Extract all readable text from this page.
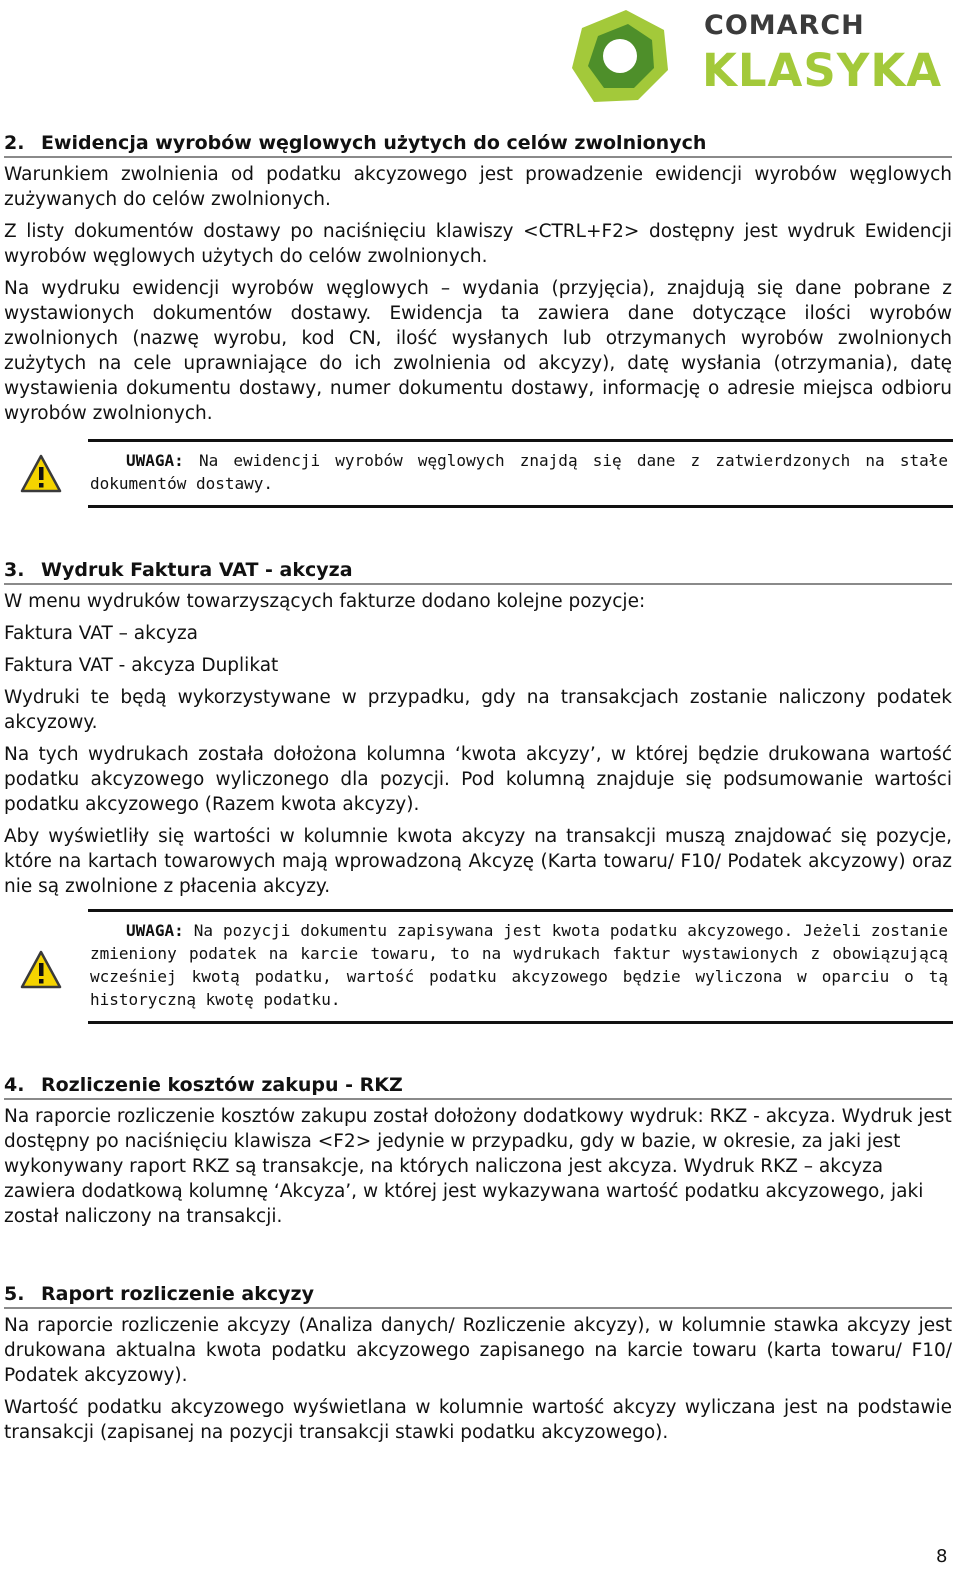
COMARCH
KLASYKA
2. Ewidencja wyrobów węglowych użytych do celów zwolnionych

Warunkiem zwolnienia od podatku akcyzowego jest prowadzenie ewidencji wyrobów węglowych zużywanych do celów zwolnionych.

Z listy dokumentów dostawy po naciśnięciu klawiszy <CTRL+F2> dostępny jest wydruk Ewidencji wyrobów węglowych użytych do celów zwolnionych.

Na wydruku ewidencji wyrobów węglowych – wydania (przyjęcia), znajdują się dane pobrane z wystawionych dokumentów dostawy. Ewidencja ta zawiera dane dotyczące ilości wyrobów zwolnionych (nazwę wyrobu, kod CN, ilość wysłanych lub otrzymanych wyrobów zwolnionych zużytych na cele uprawniające do ich zwolnienia od akcyzy), datę wysłania (otrzymania), datę wystawienia dokumentu dostawy, numer dokumentu dostawy, informację o adresie miejsca odbioru wyrobów zwolnionych.

UWAGA: Na ewidencji wyrobów węglowych znajdą się dane z zatwierdzonych na stałe dokumentów dostawy.
3. Wydruk Faktura VAT - akcyza

W menu wydruków towarzyszących fakturze dodano kolejne pozycje:

Faktura VAT – akcyza

Faktura VAT - akcyza Duplikat

Wydruki te będą wykorzystywane w przypadku, gdy na transakcjach zostanie naliczony podatek akcyzowy.

Na tych wydrukach została dołożona kolumna ‘kwota akcyzy’, w której będzie drukowana wartość podatku akcyzowego wyliczonego dla pozycji. Pod kolumną znajduje się podsumowanie wartości podatku akcyzowego (Razem kwota akcyzy).

Aby wyświetliły się wartości w kolumnie kwota akcyzy na transakcji muszą znajdować się pozycje, które na kartach towarowych mają wprowadzoną Akcyzę (Karta towaru/ F10/ Podatek akcyzowy) oraz nie są zwolnione z płacenia akcyzy.

UWAGA: Na pozycji dokumentu zapisywana jest kwota podatku akcyzowego. Jeżeli zostanie zmieniony podatek na karcie towaru, to na wydrukach faktur wystawionych z obowiązującą wcześniej kwotą podatku, wartość podatku akcyzowego będzie wyliczona w oparciu o tą historyczną kwotę podatku.
4. Rozliczenie kosztów zakupu - RKZ

Na raporcie rozliczenie kosztów zakupu został dołożony dodatkowy wydruk: RKZ - akcyza. Wydruk jest dostępny po naciśnięciu klawisza <F2> jedynie w przypadku, gdy w bazie, w okresie, za jaki jest wykonywany raport RKZ są transakcje, na których naliczona jest akcyza. Wydruk RKZ – akcyza zawiera dodatkową kolumnę ‘Akcyza’, w której jest wykazywana wartość podatku akcyzowego, jaki został naliczony na transakcji.

5. Raport rozliczenie akcyzy

Na raporcie rozliczenie akcyzy (Analiza danych/ Rozliczenie akcyzy), w kolumnie stawka akcyzy jest drukowana aktualna kwota podatku akcyzowego zapisanego na karcie towaru (karta towaru/ F10/ Podatek akcyzowy).

Wartość podatku akcyzowego wyświetlana w kolumnie wartość akcyzy wyliczana jest na podstawie transakcji (zapisanej na pozycji transakcji stawki podatku akcyzowego).

8
